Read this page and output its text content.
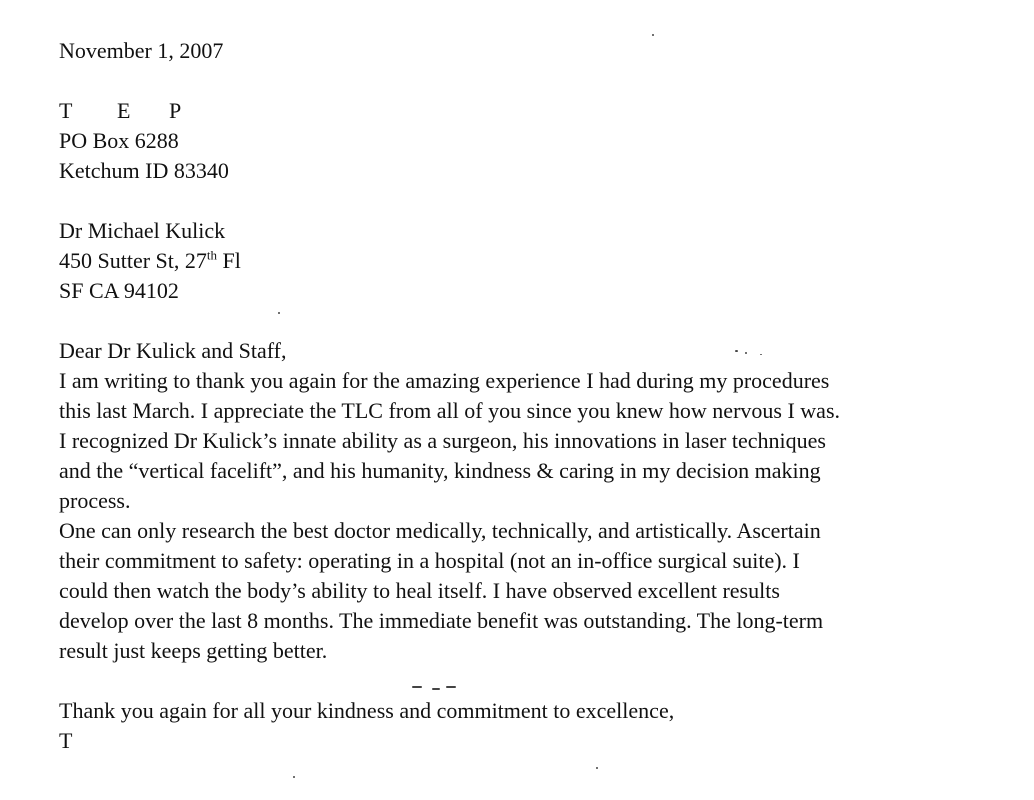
November 1, 2007

T E P

PO Box 6288

Ketchum ID 83340

Dr Michael Kulick

450 Sutter St, 27th Fl

SF CA 94102

Dear Dr Kulick and Staff,

I am writing to thank you again for the amazing experience I had during my procedures

this last March. I appreciate the TLC from all of you since you knew how nervous I was.

I recognized Dr Kulick’s innate ability as a surgeon, his innovations in laser techniques

and the “vertical facelift”, and his humanity, kindness & caring in my decision making

process.

One can only research the best doctor medically, technically, and artistically. Ascertain

their commitment to safety: operating in a hospital (not an in-office surgical suite). I

could then watch the body’s ability to heal itself. I have observed excellent results

develop over the last 8 months. The immediate benefit was outstanding. The long-term

result just keeps getting better.

Thank you again for all your kindness and commitment to excellence,

T
